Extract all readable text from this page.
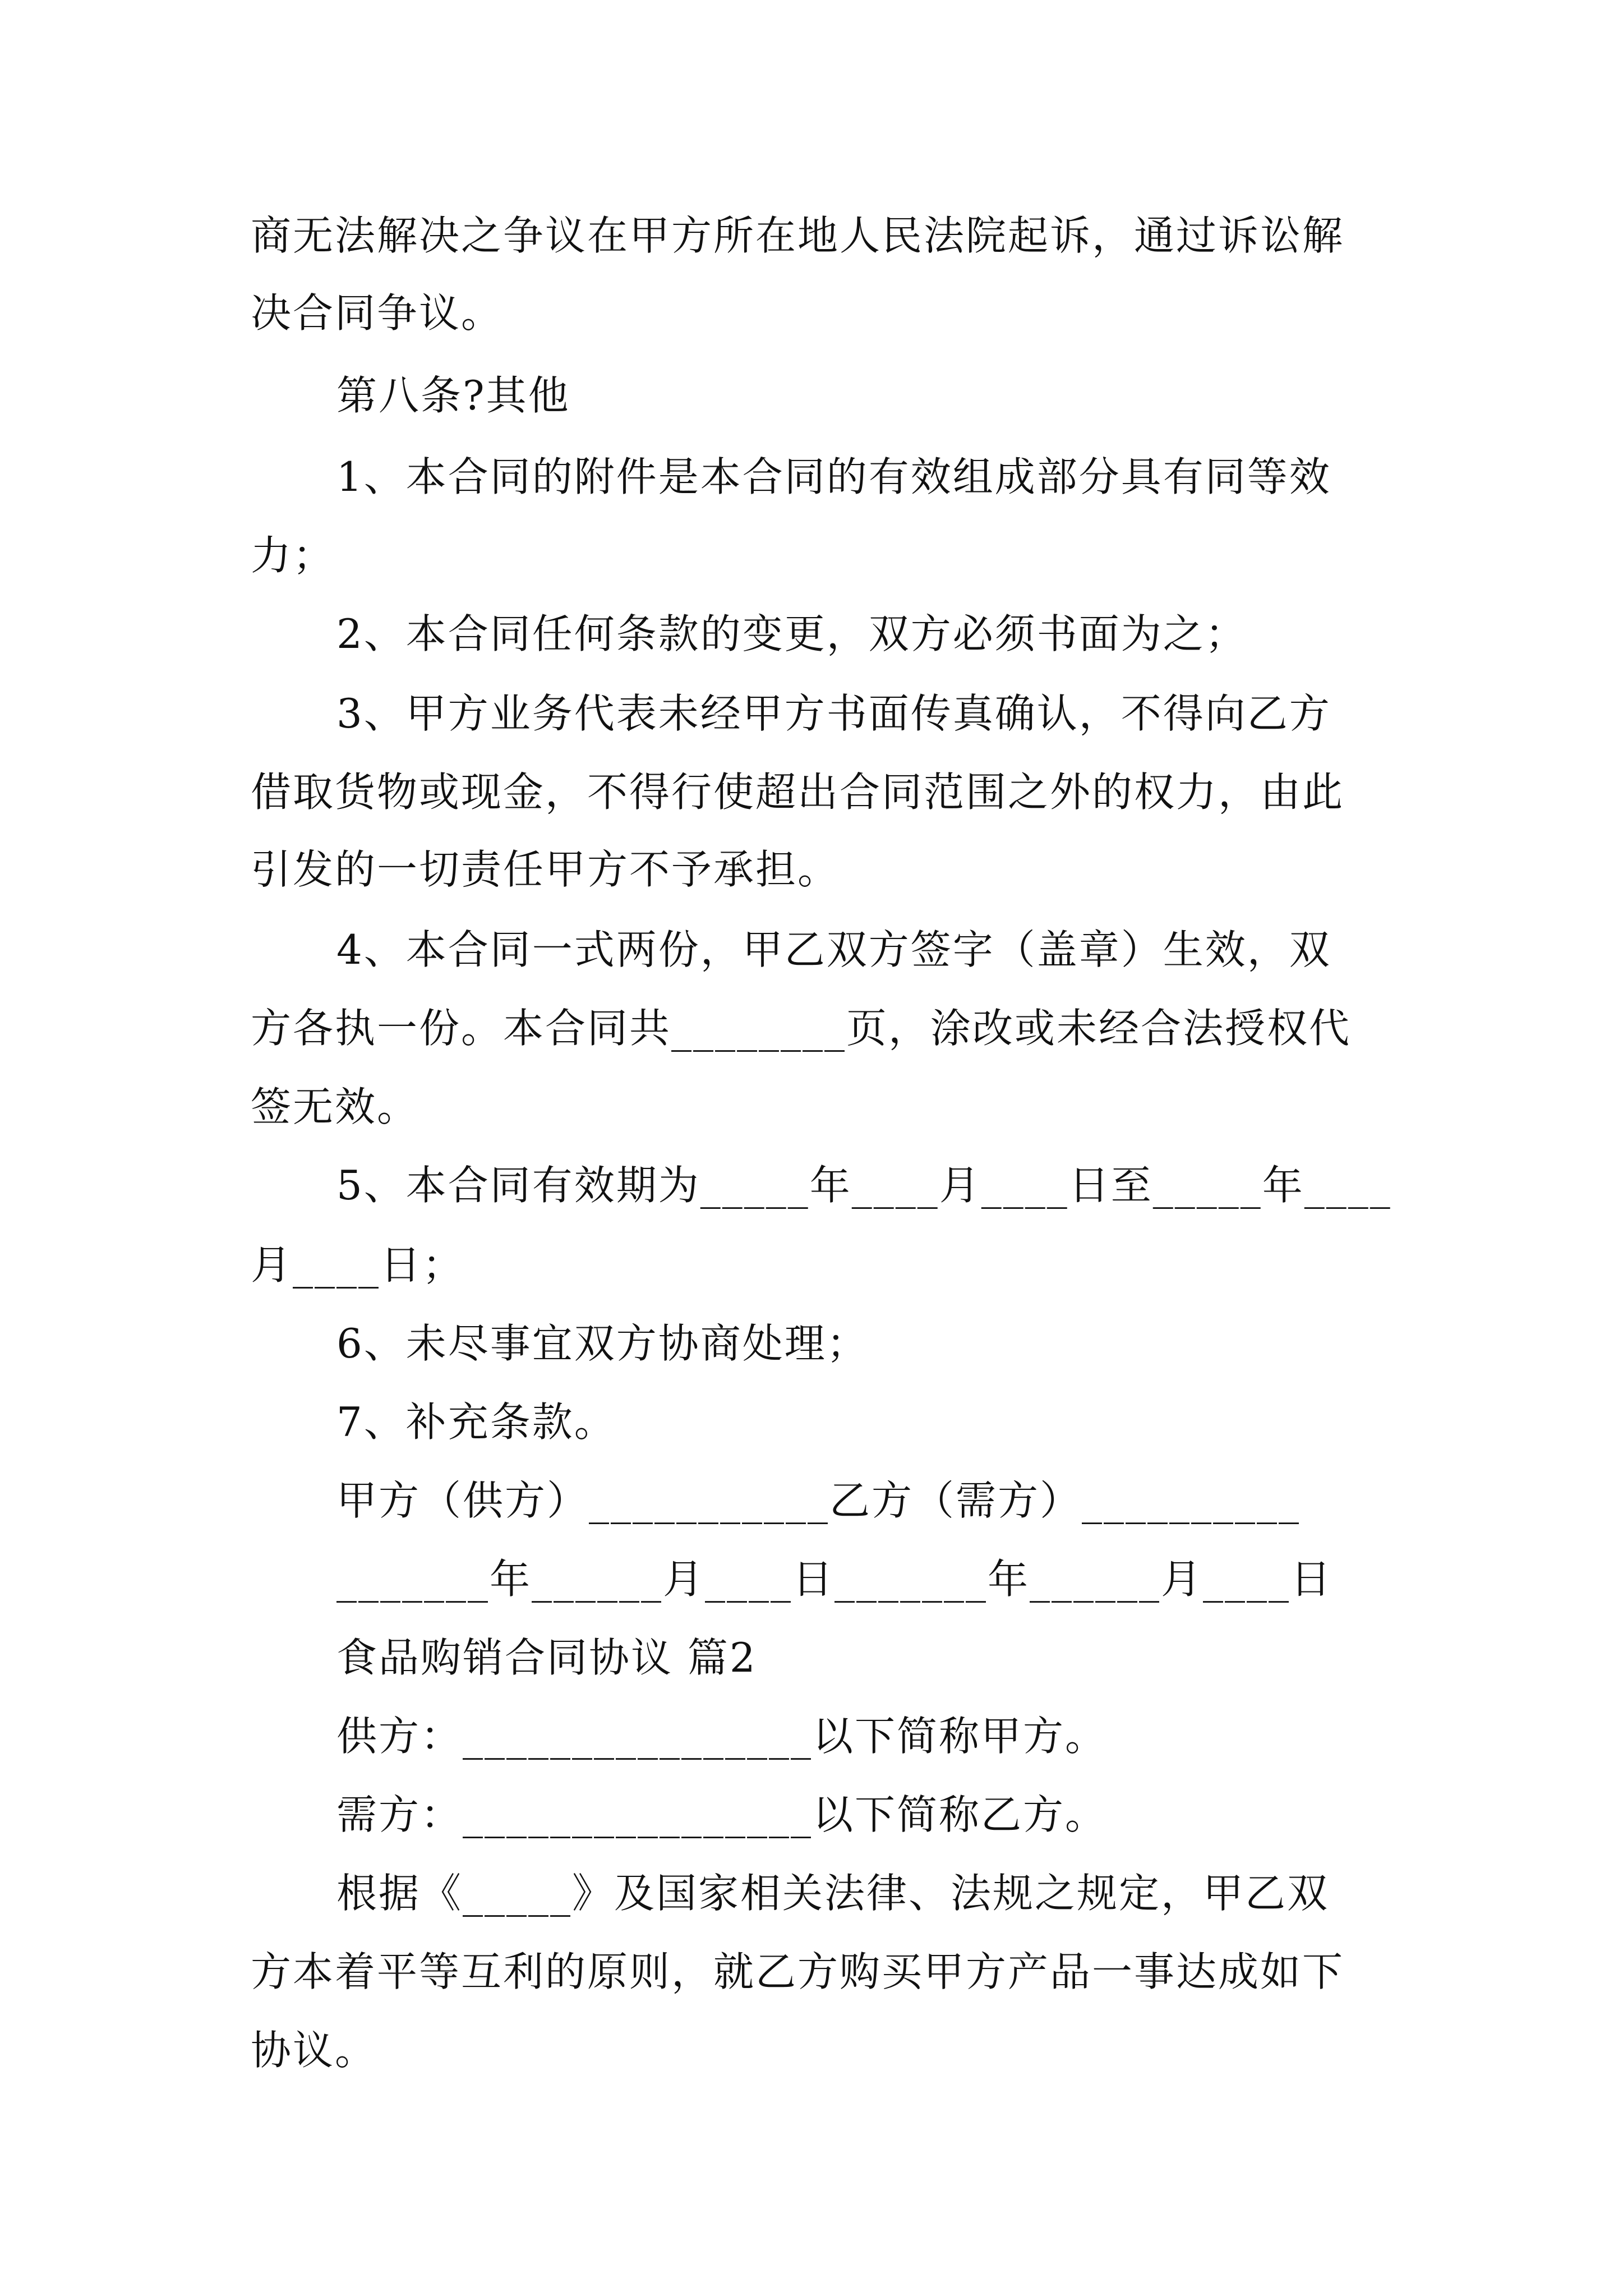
商无法解决之争议在甲方所在地人民法院起诉，通过诉讼解
决合同争议。
第八条?其他
1、本合同的附件是本合同的有效组成部分具有同等效
力；
2、本合同任何条款的变更，双方必须书面为之；
3、甲方业务代表未经甲方书面传真确认，不得向乙方
借取货物或现金，不得行使超出合同范围之外的权力，由此
引发的一切责任甲方不予承担。
4、本合同一式两份，甲乙双方签字（盖章）生效，双
方各执一份。本合同共________页，涂改或未经合法授权代
签无效。
5、本合同有效期为_____年____月____日至_____年____
月____日；
6、未尽事宜双方协商处理；
7、补充条款。
甲方（供方）___________乙方（需方）__________
_______年______月____日_______年______月____日
食品购销合同协议 篇2
供方：________________以下简称甲方。
需方：________________以下简称乙方。
根据《_____》及国家相关法律、法规之规定，甲乙双
方本着平等互利的原则，就乙方购买甲方产品一事达成如下
协议。
